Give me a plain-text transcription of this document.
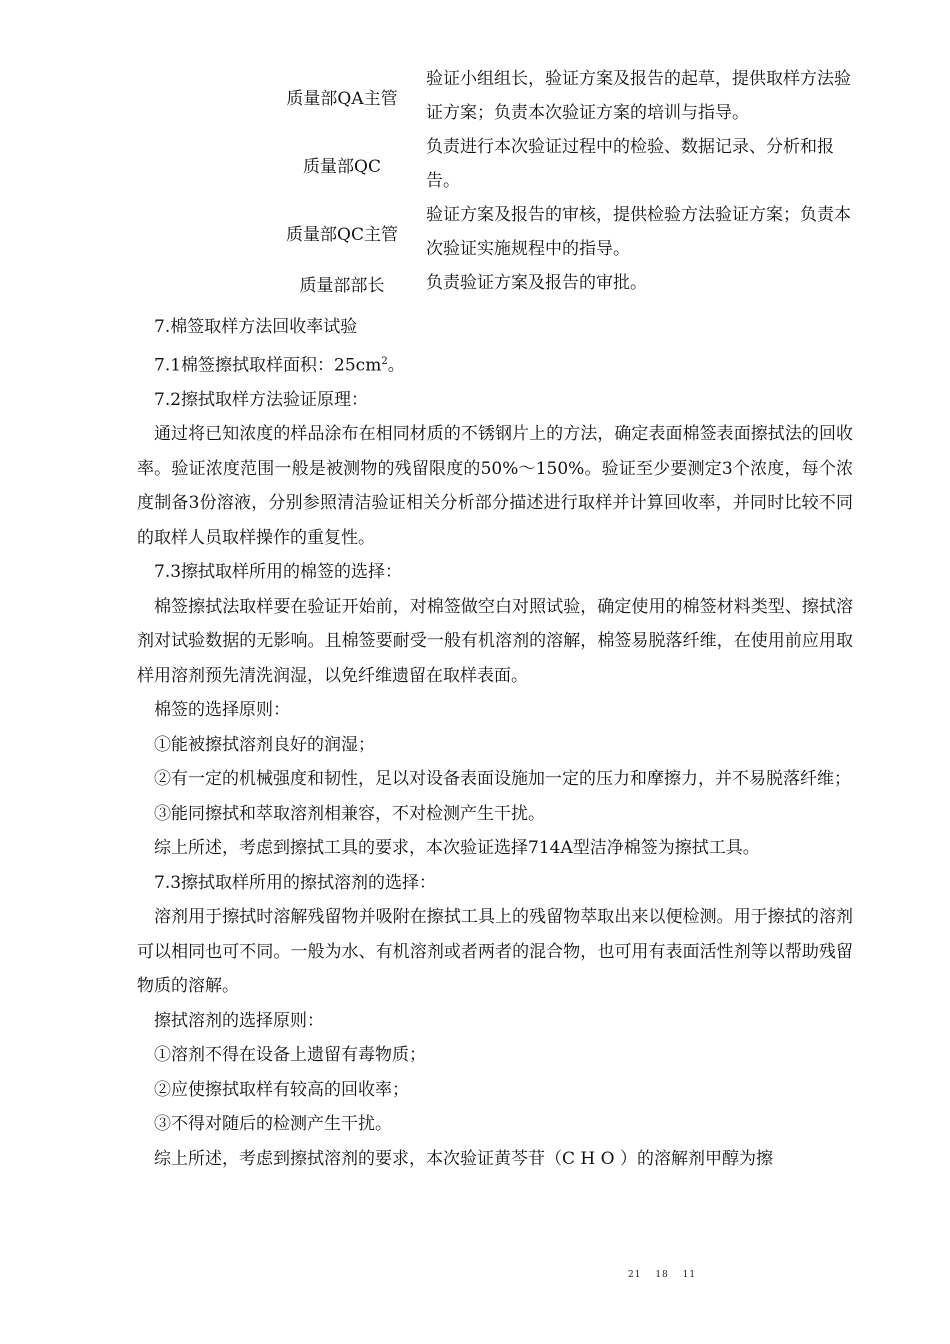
质量部QA主管
验证小组组长，验证方案及报告的起草，提供取样方法验证方案；负责本次验证方案的培训与指导。
质量部QC
负责进行本次验证过程中的检验、数据记录、分析和报告。
质量部QC主管
验证方案及报告的审核，提供检验方法验证方案；负责本次验证实施规程中的指导。
质量部部长	负责验证方案及报告的审批。

7.棉签取样方法回收率试验

7.1棉签擦拭取样面积：$25cm^2$。

7.2擦拭取样方法验证原理：

通过将已知浓度的样品涂布在相同材质的不锈钢片上的方法，确定表面棉签表面擦拭法的回收率。验证浓度范围一般是被测物的残留限度的50%～150%。验证至少要测定3个浓度，每个浓度制备3份溶液，分别参照清洁验证相关分析部分描述进行取样并计算回收率，并同时比较不同的取样人员取样操作的重复性。

7.3擦拭取样所用的棉签的选择：

棉签擦拭法取样要在验证开始前，对棉签做空白对照试验，确定使用的棉签材料类型、擦拭溶剂对试验数据的无影响。且棉签要耐受一般有机溶剂的溶解，棉签易脱落纤维，在使用前应用取样用溶剂预先清洗润湿，以免纤维遗留在取样表面。

棉签的选择原则：

①能被擦拭溶剂良好的润湿；

②有一定的机械强度和韧性，足以对设备表面设施加一定的压力和摩擦力，并不易脱落纤维；

③能同擦拭和萃取溶剂相兼容，不对检测产生干扰。

综上所述，考虑到擦拭工具的要求，本次验证选择714A型洁净棉签为擦拭工具。

7.3擦拭取样所用的擦拭溶剂的选择：

溶剂用于擦拭时溶解残留物并吸附在擦拭工具上的残留物萃取出来以便检测。用于擦拭的溶剂可以相同也可不同。一般为水、有机溶剂或者两者的混合物，也可用有表面活性剂等以帮助残留物质的溶解。

擦拭溶剂的选择原则：

①溶剂不得在设备上遗留有毒物质；

②应使擦拭取样有较高的回收率；

③不得对随后的检测产生干扰。

综上所述，考虑到擦拭溶剂的要求，本次验证黄芩苷（C H O ）的溶解剂甲醇为擦

21 18 11
